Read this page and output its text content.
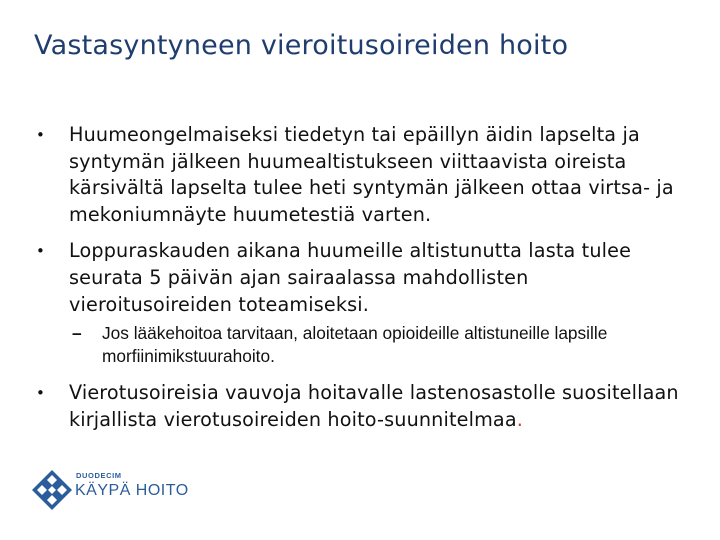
Vastasyntyneen vieroitusoireiden hoito
• Huumeongelmaiseksi tiedetyn tai epäillyn äidin lapselta ja syntymän jälkeen huumealtistukseen viittaavista oireista kärsivältä lapselta tulee heti syntymän jälkeen ottaa virtsa- ja mekoniumnäyte huumetestiä varten.
• Loppuraskauden aikana huumeille altistunutta lasta tulee seurata 5 päivän ajan sairaalassa mahdollisten vieroitusoireiden toteamiseksi.
– Jos lääkehoitoa tarvitaan, aloitetaan opioideille altistuneille lapsille morfiinimikstuurahoito.
• Vierotusoireisia vauvoja hoitavalle lastenosastolle suositellaan kirjallista vierotusoireiden hoito-suunnitelmaa.
DUODECIM
KÄYPÄ HOITO
